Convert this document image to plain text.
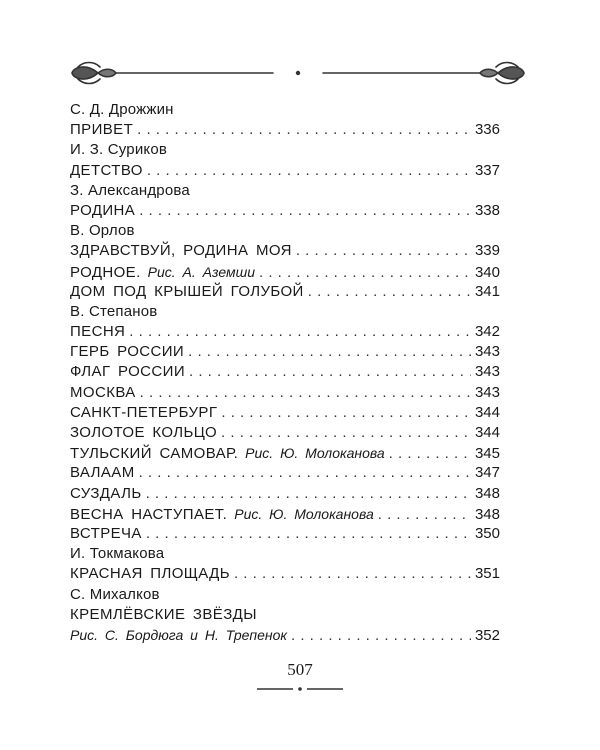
С. Д. Дрожжин
ПРИВЕТ . . .	336
И. З. Суриков
ДЕТСТВО . . .	337
З. Александрова
РОДИНА . . .	338
В. Орлов
ЗДРАВСТВУЙ, РОДИНА МОЯ . . .	339
РОДНОЕ. Рис. А. Аземши . . .	340
ДОМ ПОД КРЫШЕЙ ГОЛУБОЙ . . .	341
В. Степанов
ПЕСНЯ . . .	342
ГЕРБ РОССИИ . . .	343
ФЛАГ РОССИИ . . .	343
МОСКВА . . .	343
САНКТ-ПЕТЕРБУРГ . . .	344
ЗОЛОТОЕ КОЛЬЦО . . .	344
ТУЛЬСКИЙ САМОВАР. Рис. Ю. Молоканова . . .	345
ВАЛААМ . . .	347
СУЗДАЛЬ . . .	348
ВЕСНА НАСТУПАЕТ. Рис. Ю. Молоканова . . .	348
ВСТРЕЧА . . .	350
И. Токмакова
КРАСНАЯ ПЛОЩАДЬ . . .	351
С. Михалков
КРЕМЛЁВСКИЕ ЗВЁЗДЫ
Рис. С. Бордюга и Н. Трепенок . . .	352
507
